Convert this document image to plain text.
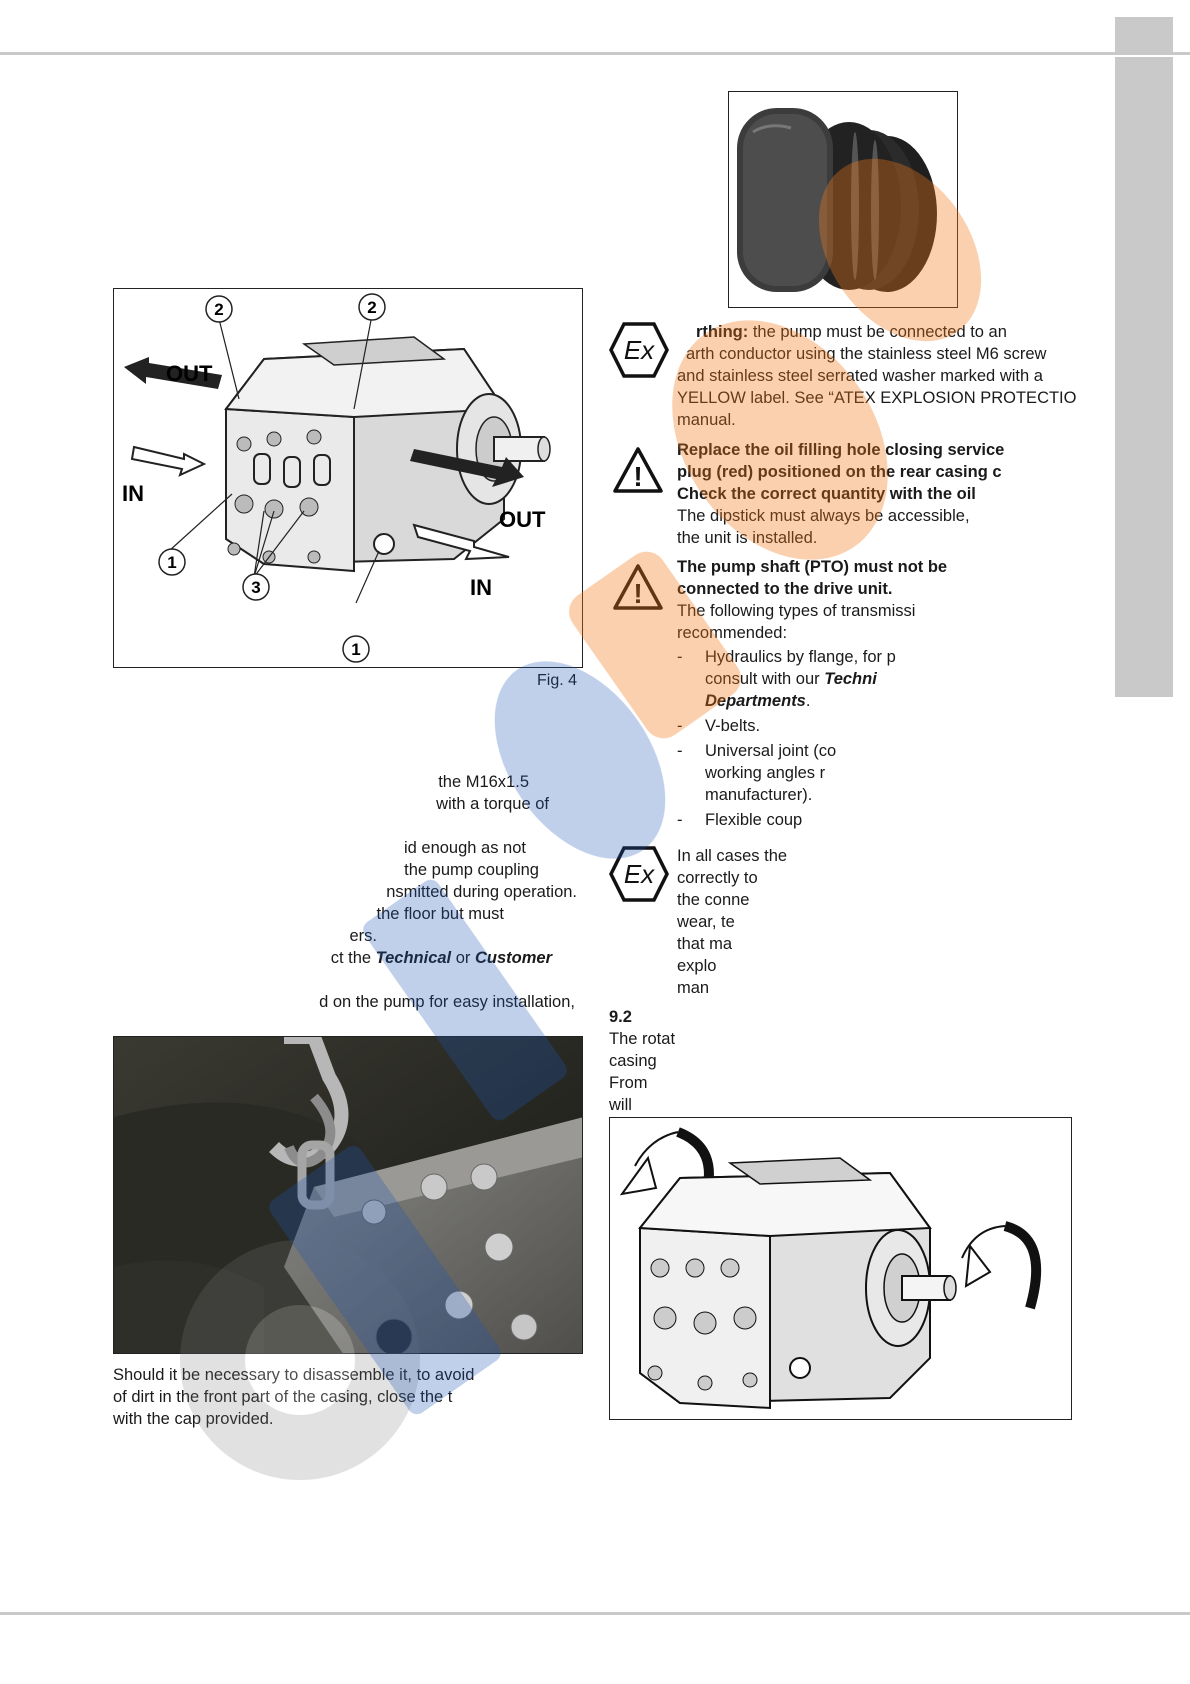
2	2
1
3
1
OUT
IN
OUT
IN
Fig. 4
the M16x1.5
with a torque of
id enough as not
the pump coupling
nsmitted during operation.
the floor but must
ers.
ct the Technical or Customer
d on the pump for easy installation,
Should it be necessary to disassemble it, to avoid
of dirt in the front part of the casing, close the t
with the cap provided.
Ex
rthing: the pump must be connected to an
arth conductor using the stainless steel M6 screw
and stainless steel serrated washer marked with a
YELLOW label. See “ATEX EXPLOSION PROTECTIO
manual.
!
Replace the oil filling hole closing service
plug (red) positioned on the rear casing c
Check the correct quantity with the oil
The dipstick must always be accessible,
the unit is installed.
!
The pump shaft (PTO) must not be
connected to the drive unit.
The following types of transmissi
recommended:
- Hydraulics by flange, for p
consult with our Techni
Departments.
- V-belts.
- Universal joint (co
working angles r
manufacturer).
- Flexible coup
Ex
In all cases the
correctly to
the conne
wear, te
that ma
explo
man
9.2
The rotat
casing
From
will
